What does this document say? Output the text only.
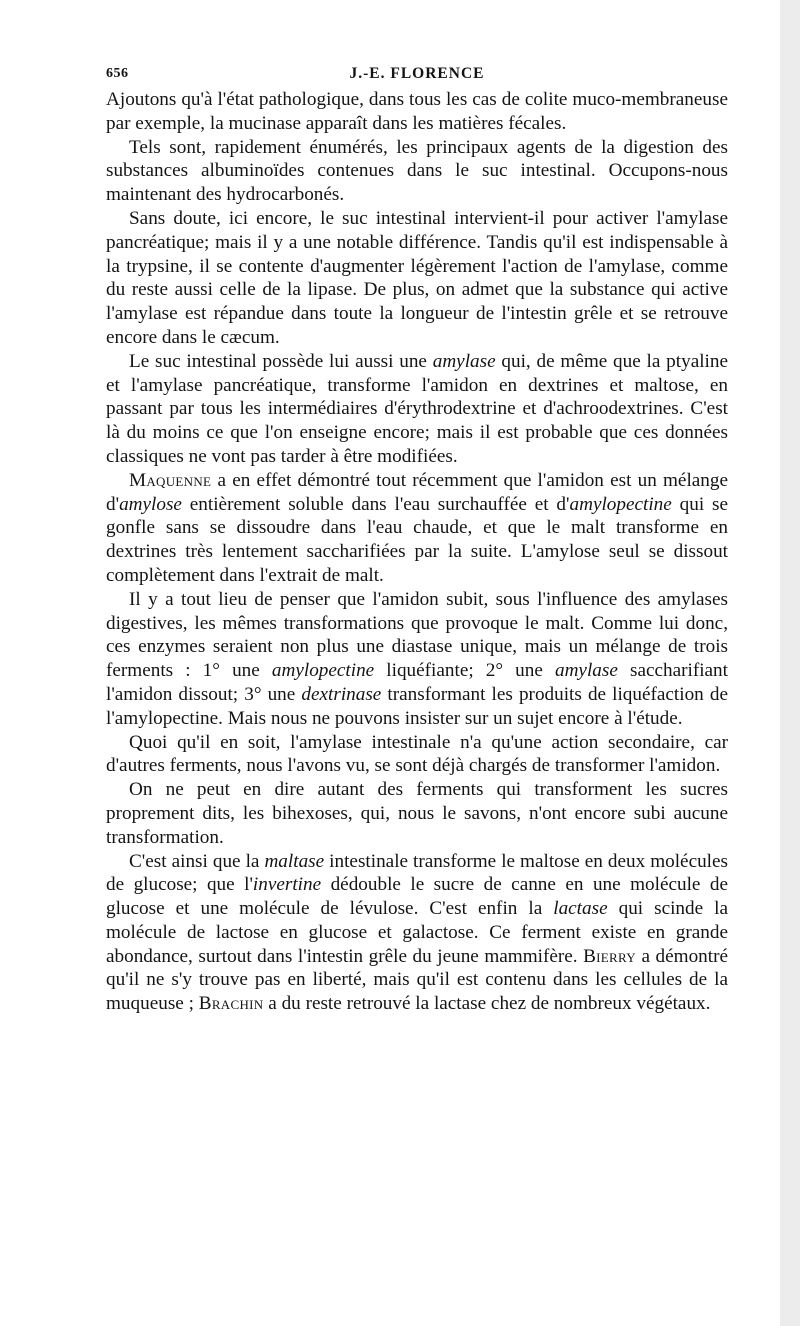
656	J.-E. FLORENCE

Ajoutons qu'à l'état pathologique, dans tous les cas de colite muco-membraneuse par exemple, la mucinase apparaît dans les matières fécales.

Tels sont, rapidement énumérés, les principaux agents de la digestion des substances albuminoïdes contenues dans le suc intestinal. Occupons-nous maintenant des hydrocarbonés.

Sans doute, ici encore, le suc intestinal intervient-il pour activer l'amylase pancréatique; mais il y a une notable différence. Tandis qu'il est indispensable à la trypsine, il se contente d'augmenter légèrement l'action de l'amylase, comme du reste aussi celle de la lipase. De plus, on admet que la substance qui active l'amylase est répandue dans toute la longueur de l'intestin grêle et se retrouve encore dans le cæcum.

Le suc intestinal possède lui aussi une amylase qui, de même que la ptyaline et l'amylase pancréatique, transforme l'amidon en dextrines et maltose, en passant par tous les intermédiaires d'érythrodextrine et d'achroodextrines. C'est là du moins ce que l'on enseigne encore; mais il est probable que ces données classiques ne vont pas tarder à être modifiées.

Maquenne a en effet démontré tout récemment que l'amidon est un mélange d'amylose entièrement soluble dans l'eau surchauffée et d'amylopectine qui se gonfle sans se dissoudre dans l'eau chaude, et que le malt transforme en dextrines très lentement saccharifiées par la suite. L'amylose seul se dissout complètement dans l'extrait de malt.

Il y a tout lieu de penser que l'amidon subit, sous l'influence des amylases digestives, les mêmes transformations que provoque le malt. Comme lui donc, ces enzymes seraient non plus une diastase unique, mais un mélange de trois ferments : 1° une amylopectine liquéfiante; 2° une amylase saccharifiant l'amidon dissout; 3° une dextrinase transformant les produits de liquéfaction de l'amylopectine. Mais nous ne pouvons insister sur un sujet encore à l'étude.

Quoi qu'il en soit, l'amylase intestinale n'a qu'une action secondaire, car d'autres ferments, nous l'avons vu, se sont déjà chargés de transformer l'amidon.

On ne peut en dire autant des ferments qui transforment les sucres proprement dits, les bihexoses, qui, nous le savons, n'ont encore subi aucune transformation.

C'est ainsi que la maltase intestinale transforme le maltose en deux molécules de glucose; que l'invertine dédouble le sucre de canne en une molécule de glucose et une molécule de lévulose. C'est enfin la lactase qui scinde la molécule de lactose en glucose et galactose. Ce ferment existe en grande abondance, surtout dans l'intestin grêle du jeune mammifère. Bierry a démontré qu'il ne s'y trouve pas en liberté, mais qu'il est contenu dans les cellules de la muqueuse ; Brachin a du reste retrouvé la lactase chez de nombreux végétaux.
